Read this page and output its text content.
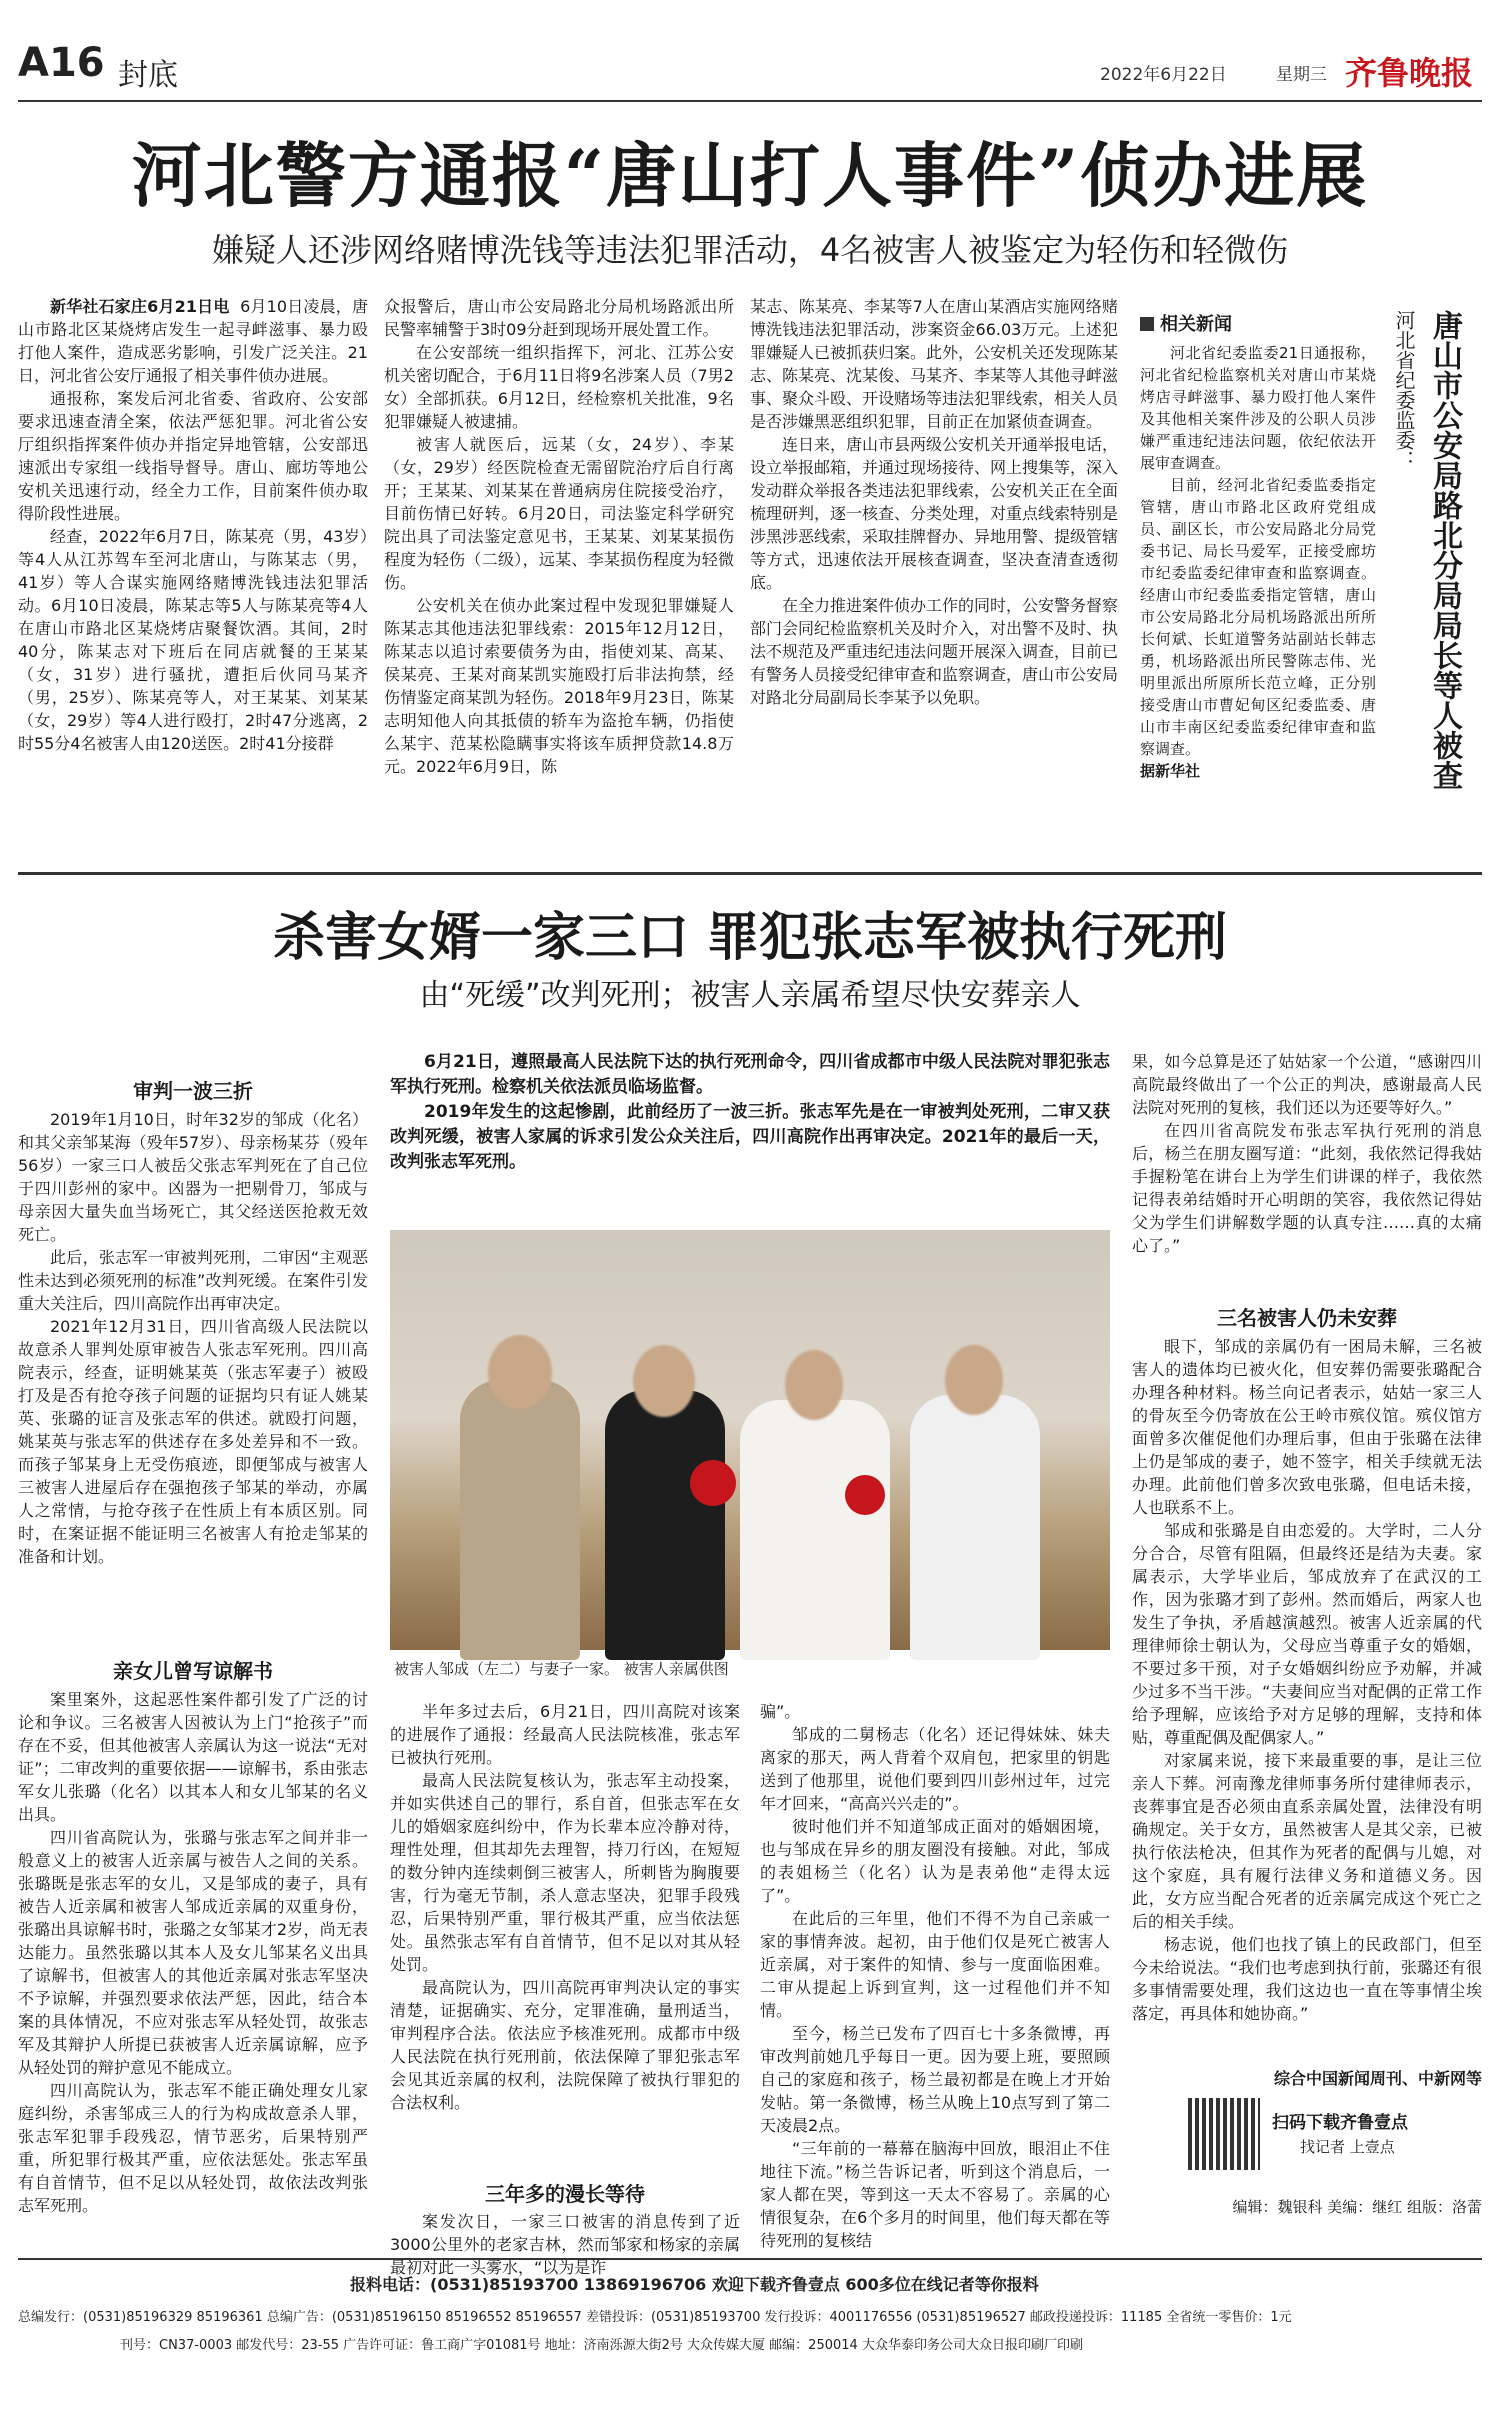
A16 封底	2022年6月22日	星期三 齐鲁晚报
河北警方通报“唐山打人事件”侦办进展
嫌疑人还涉网络赌博洗钱等违法犯罪活动，4名被害人被鉴定为轻伤和轻微伤

新华社石家庄6月21日电 6月10日凌晨，唐山市路北区某烧烤店发生一起寻衅滋事、暴力殴打他人案件，造成恶劣影响，引发广泛关注。21日，河北省公安厅通报了相关事件侦办进展。

通报称，案发后河北省委、省政府、公安部要求迅速查清全案，依法严惩犯罪。河北省公安厅组织指挥案件侦办并指定异地管辖，公安部迅速派出专家组一线指导督导。唐山、廊坊等地公安机关迅速行动，经全力工作，目前案件侦办取得阶段性进展。

经查，2022年6月7日，陈某亮（男，43岁）等4人从江苏驾车至河北唐山，与陈某志（男，41岁）等人合谋实施网络赌博洗钱违法犯罪活动。6月10日凌晨，陈某志等5人与陈某亮等4人在唐山市路北区某烧烤店聚餐饮酒。其间，2时40分，陈某志对下班后在同店就餐的王某某（女，31岁）进行骚扰，遭拒后伙同马某齐（男，25岁）、陈某亮等人，对王某某、刘某某（女，29岁）等4人进行殴打，2时47分逃离，2时55分4名被害人由120送医。2时41分接群

众报警后，唐山市公安局路北分局机场路派出所民警率辅警于3时09分赶到现场开展处置工作。

在公安部统一组织指挥下，河北、江苏公安机关密切配合，于6月11日将9名涉案人员（7男2女）全部抓获。6月12日，经检察机关批准，9名犯罪嫌疑人被逮捕。

被害人就医后，远某（女，24岁）、李某（女，29岁）经医院检查无需留院治疗后自行离开；王某某、刘某某在普通病房住院接受治疗，目前伤情已好转。6月20日，司法鉴定科学研究院出具了司法鉴定意见书，王某某、刘某某损伤程度为轻伤（二级），远某、李某损伤程度为轻微伤。

公安机关在侦办此案过程中发现犯罪嫌疑人陈某志其他违法犯罪线索：2015年12月12日，陈某志以追讨索要债务为由，指使刘某、高某、侯某亮、王某对商某凯实施殴打后非法拘禁，经伤情鉴定商某凯为轻伤。2018年9月23日，陈某志明知他人向其抵债的轿车为盗抢车辆，仍指使么某宇、范某松隐瞒事实将该车质押贷款14.8万元。2022年6月9日，陈

某志、陈某亮、李某等7人在唐山某酒店实施网络赌博洗钱违法犯罪活动，涉案资金66.03万元。上述犯罪嫌疑人已被抓获归案。此外，公安机关还发现陈某志、陈某亮、沈某俊、马某齐、李某等人其他寻衅滋事、聚众斗殴、开设赌场等违法犯罪线索，相关人员是否涉嫌黑恶组织犯罪，目前正在加紧侦查调查。

连日来，唐山市县两级公安机关开通举报电话，设立举报邮箱，并通过现场接待、网上搜集等，深入发动群众举报各类违法犯罪线索，公安机关正在全面梳理研判，逐一核查、分类处理，对重点线索特别是涉黑涉恶线索，采取挂牌督办、异地用警、提级管辖等方式，迅速依法开展核查调查，坚决查清查透彻底。

在全力推进案件侦办工作的同时，公安警务督察部门会同纪检监察机关及时介入，对出警不及时、执法不规范及严重违纪违法问题开展深入调查，目前已有警务人员接受纪律审查和监察调查，唐山市公安局对路北分局副局长李某予以免职。

相关新闻

河北省纪委监委21日通报称，河北省纪检监察机关对唐山市某烧烤店寻衅滋事、暴力殴打他人案件及其他相关案件涉及的公职人员涉嫌严重违纪违法问题，依纪依法开展审查调查。

目前，经河北省纪委监委指定管辖，唐山市路北区政府党组成员、副区长，市公安局路北分局党委书记、局长马爱军，正接受廊坊市纪委监委纪律审查和监察调查。经唐山市纪委监委指定管辖，唐山市公安局路北分局机场路派出所所长何斌、长虹道警务站副站长韩志勇，机场路派出所民警陈志伟、光明里派出所原所长范立峰，正分别接受唐山市曹妃甸区纪委监委、唐山市丰南区纪委监委纪律审查和监察调查。

据新华社

河北省纪委监委： 唐山市公安局路北分局局长等人被查
杀害女婿一家三口 罪犯张志军被执行死刑
由“死缓”改判死刑；被害人亲属希望尽快安葬亲人

6月21日，遵照最高人民法院下达的执行死刑命令，四川省成都市中级人民法院对罪犯张志军执行死刑。检察机关依法派员临场监督。

2019年发生的这起惨剧，此前经历了一波三折。张志军先是在一审被判处死刑，二审又获改判死缓，被害人家属的诉求引发公众关注后，四川高院作出再审决定。2021年的最后一天，改判张志军死刑。

被害人邹成（左二）与妻子一家。 被害人亲属供图
审判一波三折

2019年1月10日，时年32岁的邹成（化名）和其父亲邹某海（殁年57岁）、母亲杨某芬（殁年56岁）一家三口人被岳父张志军判死在了自己位于四川彭州的家中。凶器为一把剔骨刀，邹成与母亲因大量失血当场死亡，其父经送医抢救无效死亡。

此后，张志军一审被判死刑，二审因“主观恶性未达到必须死刑的标准”改判死缓。在案件引发重大关注后，四川高院作出再审决定。

2021年12月31日，四川省高级人民法院以故意杀人罪判处原审被告人张志军死刑。四川高院表示，经查，证明姚某英（张志军妻子）被殴打及是否有抢夺孩子问题的证据均只有证人姚某英、张璐的证言及张志军的供述。就殴打问题，姚某英与张志军的供述存在多处差异和不一致。而孩子邹某身上无受伤痕迹，即便邹成与被害人三被害人进屋后存在强抱孩子邹某的举动，亦属人之常情，与抢夺孩子在性质上有本质区别。同时，在案证据不能证明三名被害人有抢走邹某的准备和计划。

亲女儿曾写谅解书

案里案外，这起恶性案件都引发了广泛的讨论和争议。三名被害人因被认为上门“抢孩子”而存在不妥，但其他被害人亲属认为这一说法“无对证”；二审改判的重要依据——谅解书，系由张志军女儿张璐（化名）以其本人和女儿邹某的名义出具。

四川省高院认为，张璐与张志军之间并非一般意义上的被害人近亲属与被告人之间的关系。张璐既是张志军的女儿，又是邹成的妻子，具有被告人近亲属和被害人邹成近亲属的双重身份，张璐出具谅解书时，张璐之女邹某才2岁，尚无表达能力。虽然张璐以其本人及女儿邹某名义出具了谅解书，但被害人的其他近亲属对张志军坚决不予谅解，并强烈要求依法严惩，因此，结合本案的具体情况，不应对张志军从轻处罚，故张志军及其辩护人所提已获被害人近亲属谅解，应予从轻处罚的辩护意见不能成立。

四川高院认为，张志军不能正确处理女儿家庭纠纷，杀害邹成三人的行为构成故意杀人罪，张志军犯罪手段残忍，情节恶劣，后果特别严重，所犯罪行极其严重，应依法惩处。张志军虽有自首情节，但不足以从轻处罚，故依法改判张志军死刑。

半年多过去后，6月21日，四川高院对该案的进展作了通报：经最高人民法院核准，张志军已被执行死刑。

最高人民法院复核认为，张志军主动投案，并如实供述自己的罪行，系自首，但张志军在女儿的婚姻家庭纠纷中，作为长辈本应冷静对待，理性处理，但其却先去理智，持刀行凶，在短短的数分钟内连续刺倒三被害人，所刺皆为胸腹要害，行为毫无节制，杀人意志坚决，犯罪手段残忍，后果特别严重，罪行极其严重，应当依法惩处。虽然张志军有自首情节，但不足以对其从轻处罚。

最高院认为，四川高院再审判决认定的事实清楚，证据确实、充分，定罪准确，量刑适当，审判程序合法。依法应予核准死刑。成都市中级人民法院在执行死刑前，依法保障了罪犯张志军会见其近亲属的权利，法院保障了被执行罪犯的合法权利。

三年多的漫长等待

案发次日，一家三口被害的消息传到了近3000公里外的老家吉林，然而邹家和杨家的亲属最初对此一头雾水，“以为是诈

骗”。

邹成的二舅杨志（化名）还记得妹妹、妹夫离家的那天，两人背着个双肩包，把家里的钥匙送到了他那里，说他们要到四川彭州过年，过完年才回来，“高高兴兴走的”。

彼时他们并不知道邹成正面对的婚姻困境，也与邹成在异乡的朋友圈没有接触。对此，邹成的表姐杨兰（化名）认为是表弟他“走得太远了”。

在此后的三年里，他们不得不为自己亲戚一家的事情奔波。起初，由于他们仅是死亡被害人近亲属，对于案件的知情、参与一度面临困难。二审从提起上诉到宣判，这一过程他们并不知情。

至今，杨兰已发布了四百七十多条微博，再审改判前她几乎每日一更。因为要上班，要照顾自己的家庭和孩子，杨兰最初都是在晚上才开始发帖。第一条微博，杨兰从晚上10点写到了第二天凌晨2点。

“三年前的一幕幕在脑海中回放，眼泪止不住地往下流。”杨兰告诉记者，听到这个消息后，一家人都在哭，等到这一天太不容易了。亲属的心情很复杂，在6个多月的时间里，他们每天都在等待死刑的复核结

果，如今总算是还了姑姑家一个公道，“感谢四川高院最终做出了一个公正的判决，感谢最高人民法院对死刑的复核，我们还以为还要等好久。”

在四川省高院发布张志军执行死刑的消息后，杨兰在朋友圈写道：“此刻，我依然记得我姑手握粉笔在讲台上为学生们讲课的样子，我依然记得表弟结婚时开心明朗的笑容，我依然记得姑父为学生们讲解数学题的认真专注……真的太痛心了。”

三名被害人仍未安葬

眼下，邹成的亲属仍有一困局未解，三名被害人的遗体均已被火化，但安葬仍需要张璐配合办理各种材料。杨兰向记者表示，姑姑一家三人的骨灰至今仍寄放在公王岭市殡仪馆。殡仪馆方面曾多次催促他们办理后事，但由于张璐在法律上仍是邹成的妻子，她不签字，相关手续就无法办理。此前他们曾多次致电张璐，但电话未接，人也联系不上。

邹成和张璐是自由恋爱的。大学时，二人分分合合，尽管有阻隔，但最终还是结为夫妻。家属表示，大学毕业后，邹成放弃了在武汉的工作，因为张璐才到了彭州。然而婚后，两家人也发生了争执，矛盾越演越烈。被害人近亲属的代理律师徐士朝认为，父母应当尊重子女的婚姻，不要过多干预，对子女婚姻纠纷应予劝解，并减少过多不当干涉。“夫妻间应当对配偶的正常工作给予理解，应该给予对方足够的理解，支持和体贴，尊重配偶及配偶家人。”

对家属来说，接下来最重要的事，是让三位亲人下葬。河南豫龙律师事务所付建律师表示，丧葬事宜是否必须由直系亲属处置，法律没有明确规定。关于女方，虽然被害人是其父亲，已被执行依法枪决，但其作为死者的配偶与儿媳，对这个家庭，具有履行法律义务和道德义务。因此，女方应当配合死者的近亲属完成这个死亡之后的相关手续。

杨志说，他们也找了镇上的民政部门，但至今未给说法。“我们也考虑到执行前，张璐还有很多事情需要处理，我们这边也一直在等事情尘埃落定，再具体和她协商。”

综合中国新闻周刊、中新网等
扫码下载齐鲁壹点
找记者 上壹点
编辑：魏银科 美编：继红 组版：洛蕾
报料电话：(0531)85193700 13869196706 欢迎下载齐鲁壹点 600多位在线记者等你报料
总编发行：(0531)85196329 85196361 总编广告：(0531)85196150 85196552 85196557 差错投诉：(0531)85193700 发行投诉：4001176556 (0531)85196527 邮政投递投诉：11185 全省统一零售价：1元
刊号：CN37-0003 邮发代号：23-55 广告许可证：鲁工商广字01081号 地址：济南泺源大街2号 大众传媒大厦 邮编：250014 大众华泰印务公司大众日报印刷厂印刷
